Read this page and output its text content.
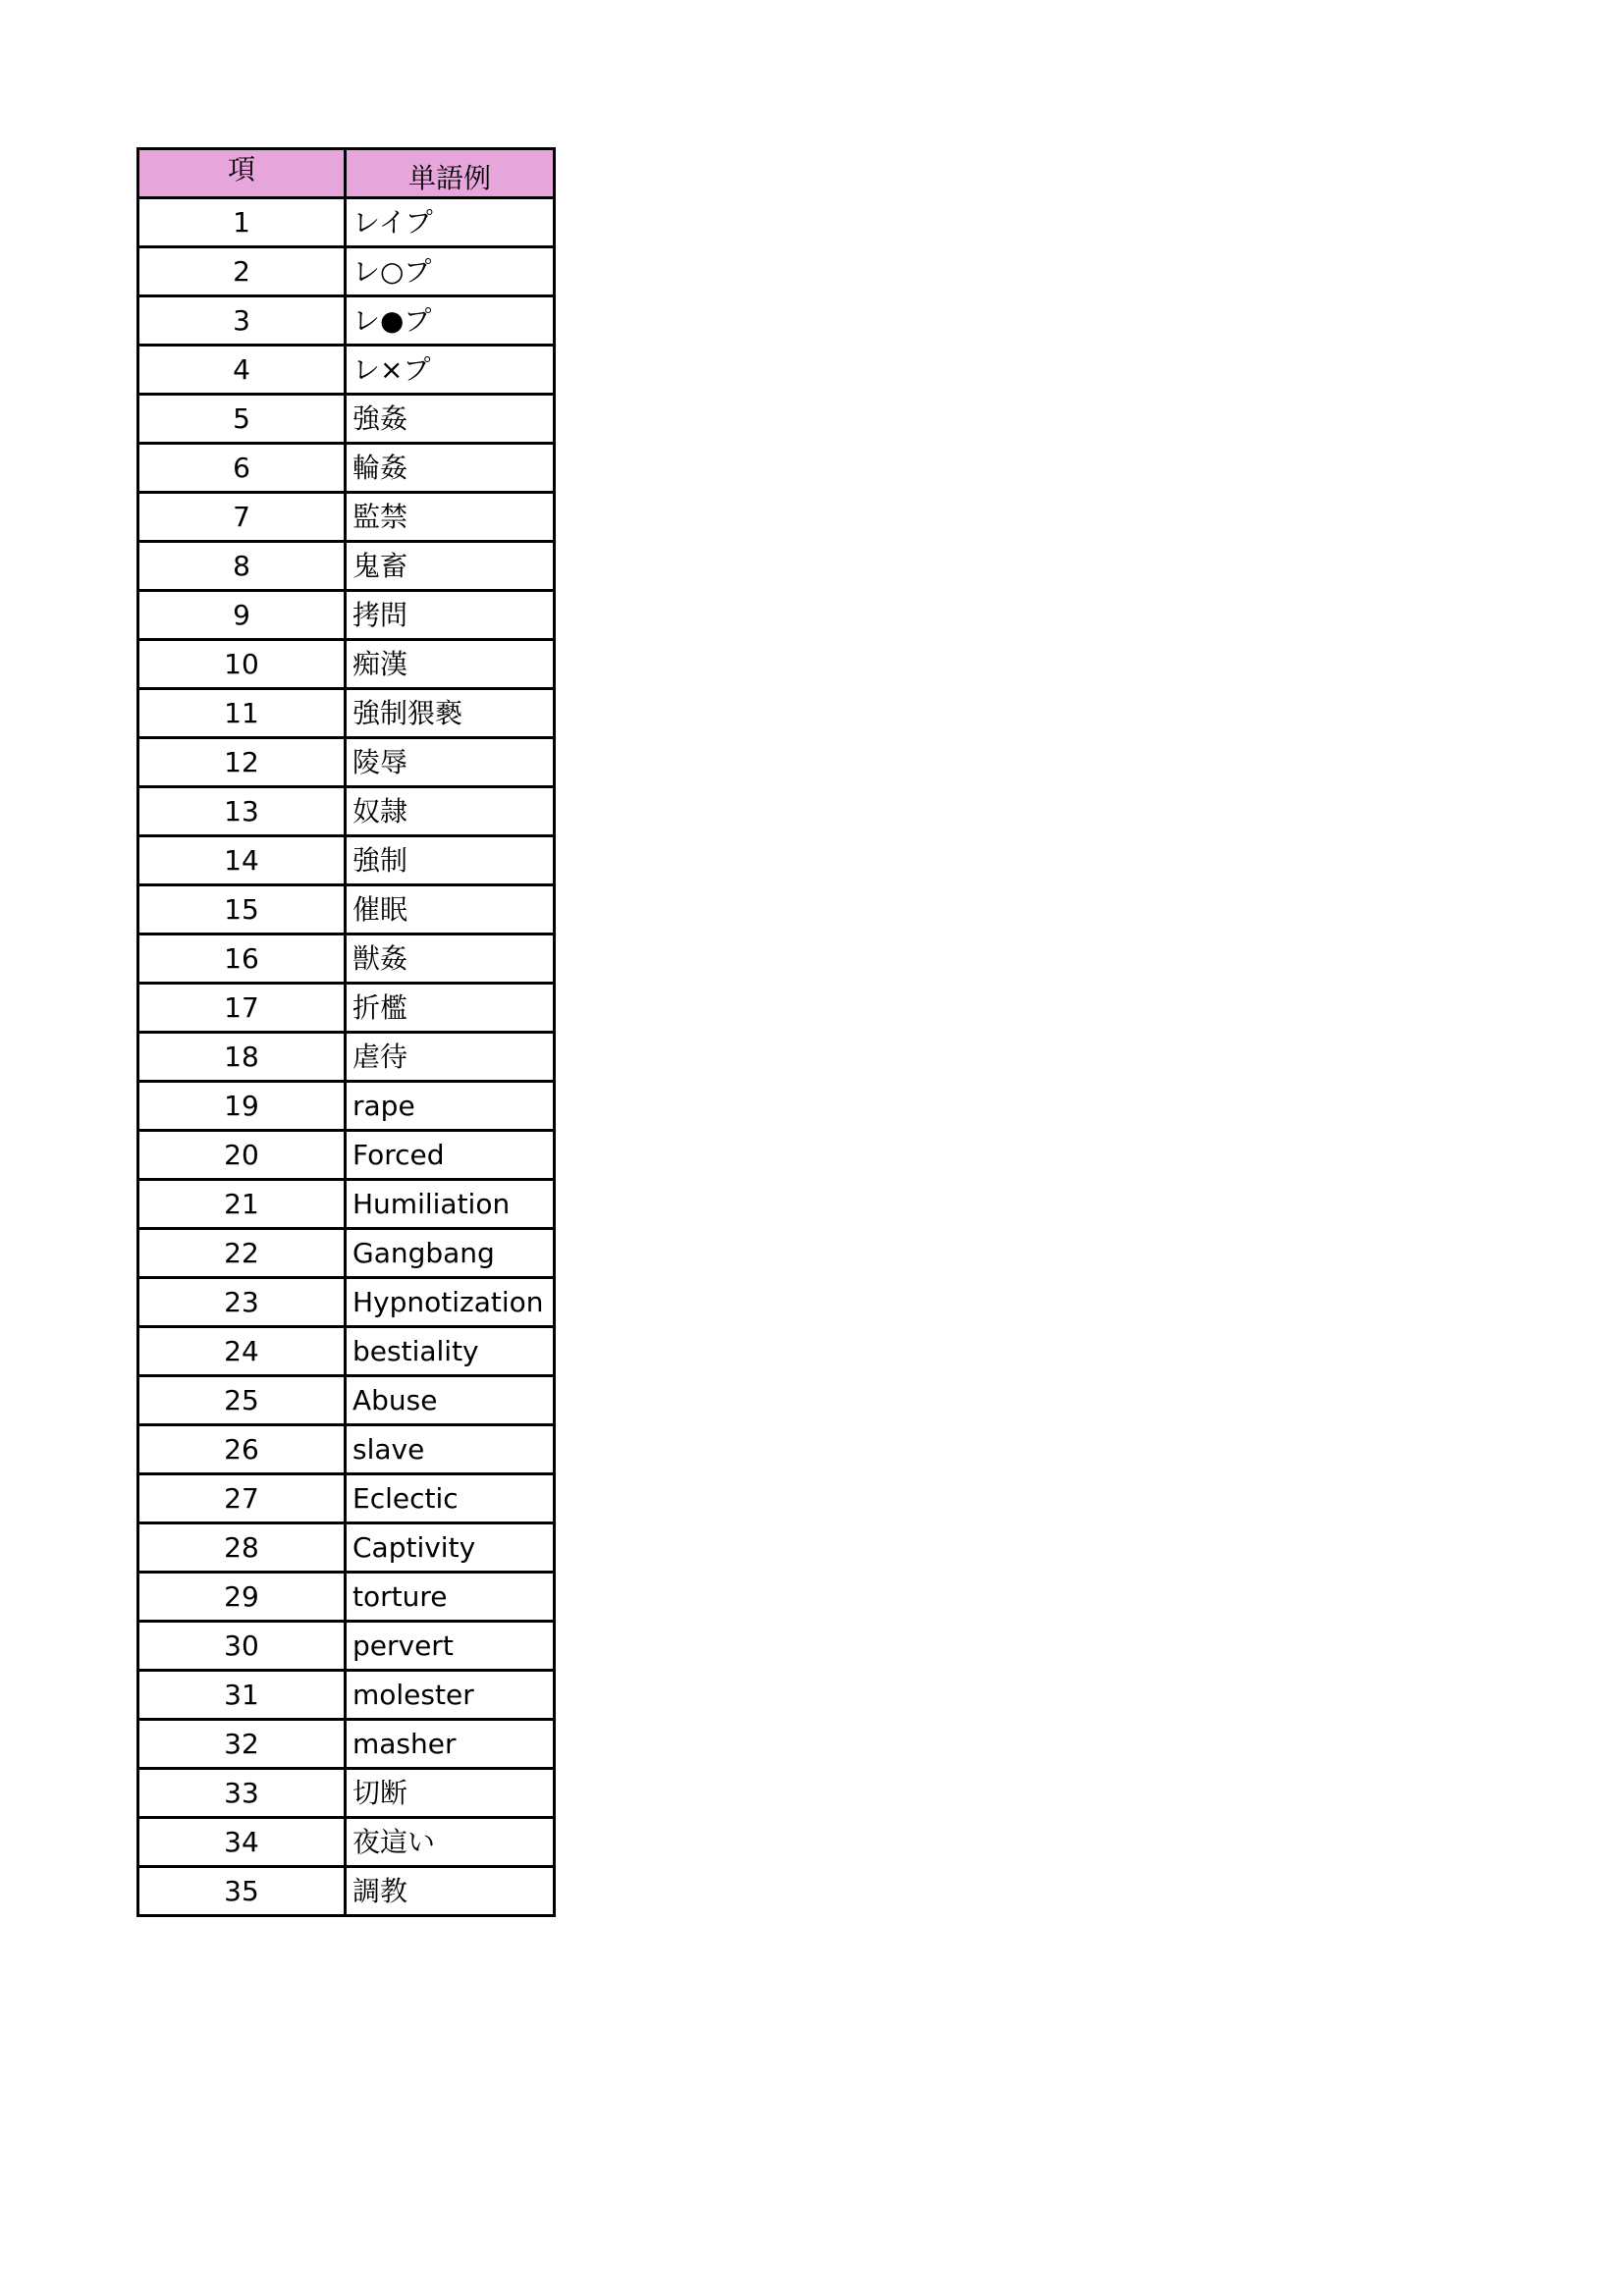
項	単語例
1	レイプ
2	レ○プ
3	レ●プ
4	レ×プ
5	強姦
6	輪姦
7	監禁
8	鬼畜
9	拷問
10	痴漢
11	強制猥褻
12	陵辱
13	奴隷
14	強制
15	催眠
16	獣姦
17	折檻
18	虐待
19	rape
20	Forced
21	Humiliation
22	Gangbang
23	Hypnotization
24	bestiality
25	Abuse
26	slave
27	Eclectic
28	Captivity
29	torture
30	pervert
31	molester
32	masher
33	切断
34	夜這い
35	調教
